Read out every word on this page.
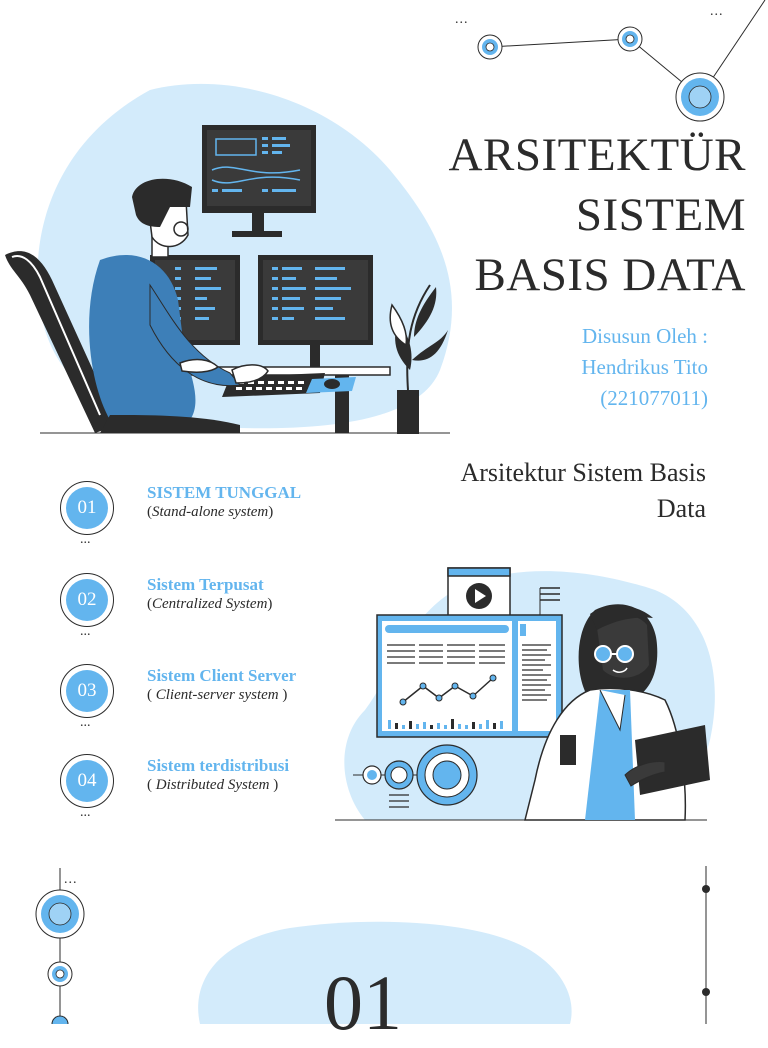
...
...
ARSITEKTÜR
SISTEM
BASIS DATA
Disusun Oleh :
Hendrikus Tito
(221077011)
Arsitektur Sistem Basis
Data
01
...
SISTEM TUNGGAL
(Stand-alone system)
02
...
Sistem Terpusat
(Centralized System)
03
...
Sistem Client Server
( Client-server system )
04
...
Sistem terdistribusi
( Distributed System )
...
01
